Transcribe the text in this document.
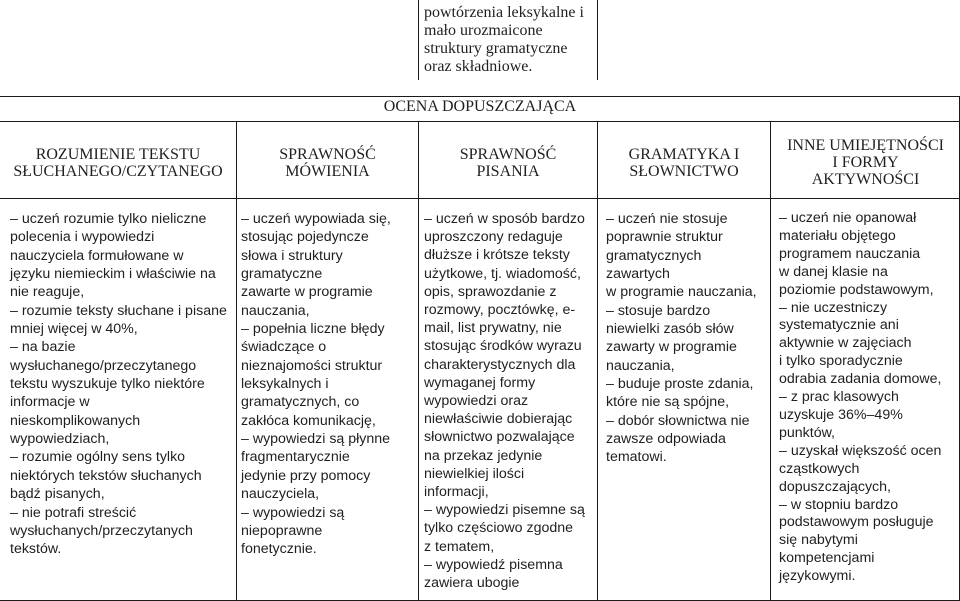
powtórzenia leksykalne i
mało urozmaicone
struktury gramatyczne
oraz składniowe.
OCENA DOPUSZCZAJĄCA
ROZUMIENIE TEKSTU
SŁUCHANEGO/CZYTANEGO
SPRAWNOŚĆ
MÓWIENIA
SPRAWNOŚĆ
PISANIA
GRAMATYKA I
SŁOWNICTWO
INNE UMIEJĘTNOŚCI
I FORMY
AKTYWNOŚCI
– uczeń rozumie tylko nieliczne
polecenia i wypowiedzi
nauczyciela formułowane w
języku niemieckim i właściwie na
nie reaguje,
– rozumie teksty słuchane i pisane
mniej więcej w 40%,
– na bazie
wysłuchanego/przeczytanego
tekstu wyszukuje tylko niektóre
informacje w
nieskomplikowanych
wypowiedziach,
– rozumie ogólny sens tylko
niektórych tekstów słuchanych
bądź pisanych,
– nie potrafi streścić
wysłuchanych/przeczytanych
tekstów.
– uczeń wypowiada się,
stosując pojedyncze
słowa i struktury
gramatyczne
zawarte w programie
nauczania,
– popełnia liczne błędy
świadczące o
nieznajomości struktur
leksykalnych i
gramatycznych, co
zakłóca komunikację,
– wypowiedzi są płynne
fragmentarycznie
jedynie przy pomocy
nauczyciela,
– wypowiedzi są
niepoprawne
fonetycznie.
– uczeń w sposób bardzo
uproszczony redaguje
dłuższe i krótsze teksty
użytkowe, tj. wiadomość,
opis, sprawozdanie z
rozmowy, pocztówkę, e-
mail, list prywatny, nie
stosując środków wyrazu
charakterystycznych dla
wymaganej formy
wypowiedzi oraz
niewłaściwie dobierając
słownictwo pozwalające
na przekaz jedynie
niewielkiej ilości
informacji,
– wypowiedzi pisemne są
tylko częściowo zgodne
z tematem,
– wypowiedź pisemna
zawiera ubogie
– uczeń nie stosuje
poprawnie struktur
gramatycznych
zawartych
w programie nauczania,
– stosuje bardzo
niewielki zasób słów
zawarty w programie
nauczania,
– buduje proste zdania,
które nie są spójne,
– dobór słownictwa nie
zawsze odpowiada
tematowi.
– uczeń nie opanował
materiału objętego
programem nauczania
w danej klasie na
poziomie podstawowym,
– nie uczestniczy
systematycznie ani
aktywnie w zajęciach
i tylko sporadycznie
odrabia zadania domowe,
– z prac klasowych
uzyskuje 36%–49%
punktów,
– uzyskał większość ocen
cząstkowych
dopuszczających,
– w stopniu bardzo
podstawowym posługuje
się nabytymi
kompetencjami
językowymi.
